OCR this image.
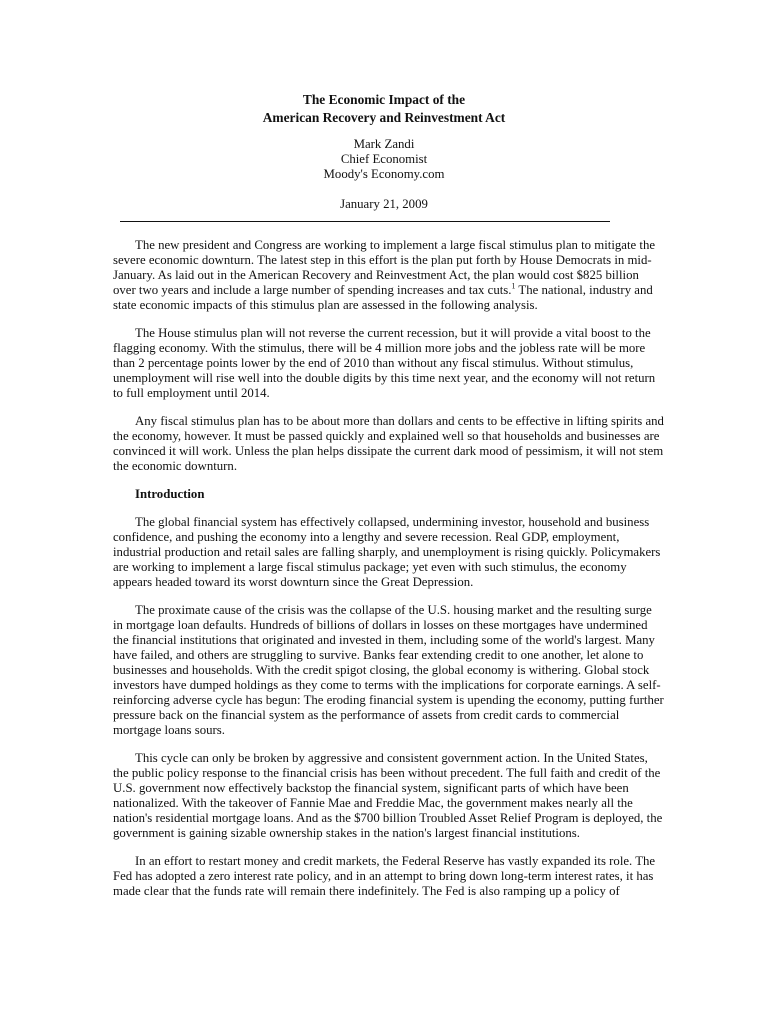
The Economic Impact of the
American Recovery and Reinvestment Act
Mark Zandi
Chief Economist
Moody's Economy.com
January 21, 2009
The new president and Congress are working to implement a large fiscal stimulus plan to mitigate the
severe economic downturn. The latest step in this effort is the plan put forth by House Democrats in mid-
January. As laid out in the American Recovery and Reinvestment Act, the plan would cost $825 billion
over two years and include a large number of spending increases and tax cuts.$^1$ The national, industry and
state economic impacts of this stimulus plan are assessed in the following analysis.
The House stimulus plan will not reverse the current recession, but it will provide a vital boost to the
flagging economy. With the stimulus, there will be 4 million more jobs and the jobless rate will be more
than 2 percentage points lower by the end of 2010 than without any fiscal stimulus. Without stimulus,
unemployment will rise well into the double digits by this time next year, and the economy will not return
to full employment until 2014.
Any fiscal stimulus plan has to be about more than dollars and cents to be effective in lifting spirits and
the economy, however. It must be passed quickly and explained well so that households and businesses are
convinced it will work. Unless the plan helps dissipate the current dark mood of pessimism, it will not stem
the economic downturn.
Introduction
The global financial system has effectively collapsed, undermining investor, household and business
confidence, and pushing the economy into a lengthy and severe recession. Real GDP, employment,
industrial production and retail sales are falling sharply, and unemployment is rising quickly. Policymakers
are working to implement a large fiscal stimulus package; yet even with such stimulus, the economy
appears headed toward its worst downturn since the Great Depression.
The proximate cause of the crisis was the collapse of the U.S. housing market and the resulting surge
in mortgage loan defaults. Hundreds of billions of dollars in losses on these mortgages have undermined
the financial institutions that originated and invested in them, including some of the world's largest. Many
have failed, and others are struggling to survive. Banks fear extending credit to one another, let alone to
businesses and households. With the credit spigot closing, the global economy is withering. Global stock
investors have dumped holdings as they come to terms with the implications for corporate earnings. A self-
reinforcing adverse cycle has begun: The eroding financial system is upending the economy, putting further
pressure back on the financial system as the performance of assets from credit cards to commercial
mortgage loans sours.
This cycle can only be broken by aggressive and consistent government action. In the United States,
the public policy response to the financial crisis has been without precedent. The full faith and credit of the
U.S. government now effectively backstop the financial system, significant parts of which have been
nationalized. With the takeover of Fannie Mae and Freddie Mac, the government makes nearly all the
nation's residential mortgage loans. And as the $700 billion Troubled Asset Relief Program is deployed, the
government is gaining sizable ownership stakes in the nation's largest financial institutions.
In an effort to restart money and credit markets, the Federal Reserve has vastly expanded its role. The
Fed has adopted a zero interest rate policy, and in an attempt to bring down long-term interest rates, it has
made clear that the funds rate will remain there indefinitely. The Fed is also ramping up a policy of
